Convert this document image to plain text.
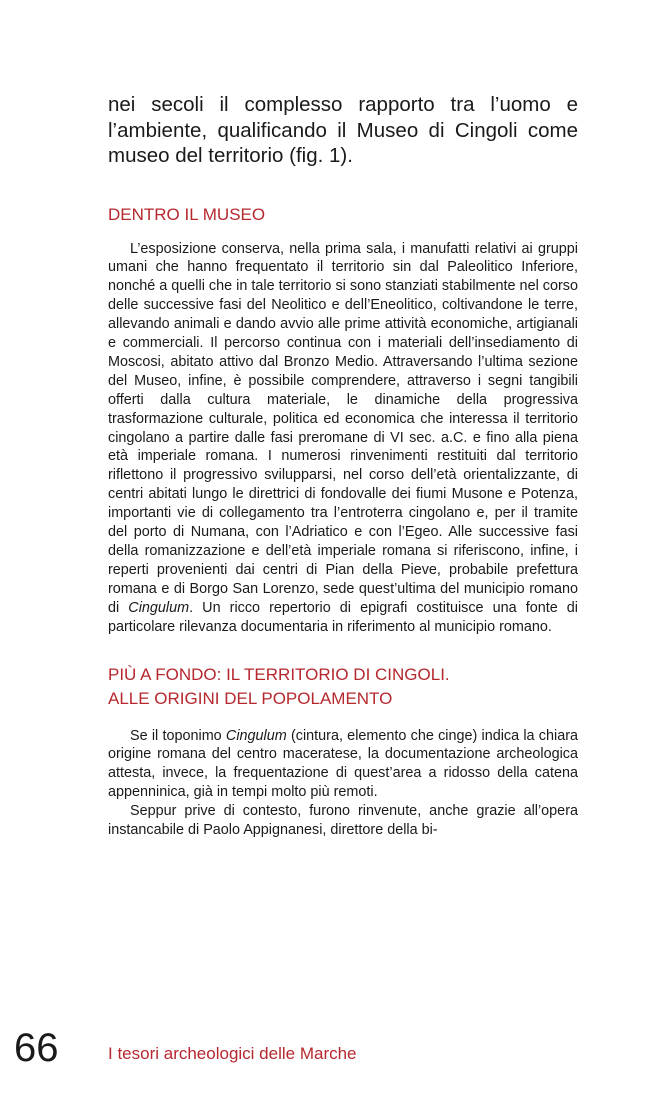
nei secoli il complesso rapporto tra l’uomo e l’ambiente, qualificando il Museo di Cingoli come museo del territorio (fig. 1).

DENTRO IL MUSEO

L’esposizione conserva, nella prima sala, i manufatti relativi ai gruppi umani che hanno frequentato il territorio sin dal Paleolitico Inferiore, nonché a quelli che in tale territorio si sono stanziati stabilmente nel corso delle successive fasi del Neolitico e dell’Eneolitico, coltivandone le terre, allevando animali e dando avvio alle prime attività economiche, artigianali e commerciali. Il percorso continua con i materiali dell’insediamento di Moscosi, abitato attivo dal Bronzo Medio. Attraversando l’ultima sezione del Museo, infine, è possibile comprendere, attraverso i segni tangibili offerti dalla cultura materiale, le dinamiche della progressiva trasformazione culturale, politica ed economica che interessa il territorio cingolano a partire dalle fasi preromane di VI sec. a.C. e fino alla piena età imperiale romana. I numerosi rinvenimenti restituiti dal territorio riflettono il progressivo svilupparsi, nel corso dell’età orientalizzante, di centri abitati lungo le direttrici di fondovalle dei fiumi Musone e Potenza, importanti vie di collegamento tra l’entroterra cingolano e, per il tramite del porto di Numana, con l’Adriatico e con l’Egeo. Alle successive fasi della romanizzazione e dell’età imperiale romana si riferiscono, infine, i reperti provenienti dai centri di Pian della Pieve, probabile prefettura romana e di Borgo San Lorenzo, sede quest’ultima del municipio romano di Cingulum. Un ricco repertorio di epigrafi costituisce una fonte di particolare rilevanza documentaria in riferimento al municipio romano.

PIÙ A FONDO: IL TERRITORIO DI CINGOLI.
ALLE ORIGINI DEL POPOLAMENTO

Se il toponimo Cingulum (cintura, elemento che cinge) indica la chiara origine romana del centro maceratese, la documentazione archeologica attesta, invece, la frequentazione di quest’area a ridosso della catena appenninica, già in tempi molto più remoti.

Seppur prive di contesto, furono rinvenute, anche grazie all’opera instancabile di Paolo Appignanesi, direttore della bi-

66	I tesori archeologici delle Marche
